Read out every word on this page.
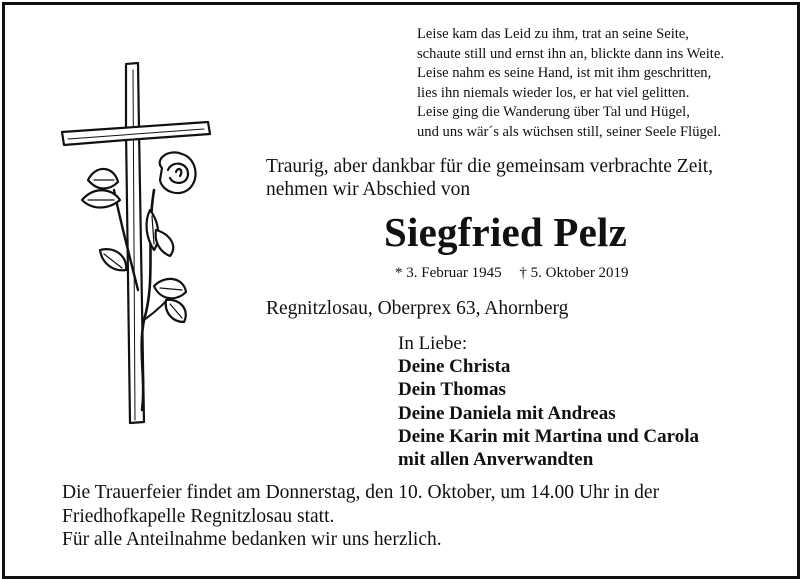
Leise kam das Leid zu ihm, trat an seine Seite,
schaute still und ernst ihn an, blickte dann ins Weite.
Leise nahm es seine Hand, ist mit ihm geschritten,
lies ihn niemals wieder los, er hat viel gelitten.
Leise ging die Wanderung über Tal und Hügel,
und uns wär´s als wüchsen still, seiner Seele Flügel.
Traurig, aber dankbar für die gemeinsam verbrachte Zeit,
nehmen wir Abschied von
Siegfried Pelz
* 3. Februar 1945 † 5. Oktober 2019
Regnitzlosau, Oberprex 63, Ahornberg
In Liebe:
Deine Christa
Dein Thomas
Deine Daniela mit Andreas
Deine Karin mit Martina und Carola
mit allen Anverwandten
Die Trauerfeier findet am Donnerstag, den 10. Oktober, um 14.00 Uhr in der
Friedhofkapelle Regnitzlosau statt.
Für alle Anteilnahme bedanken wir uns herzlich.
